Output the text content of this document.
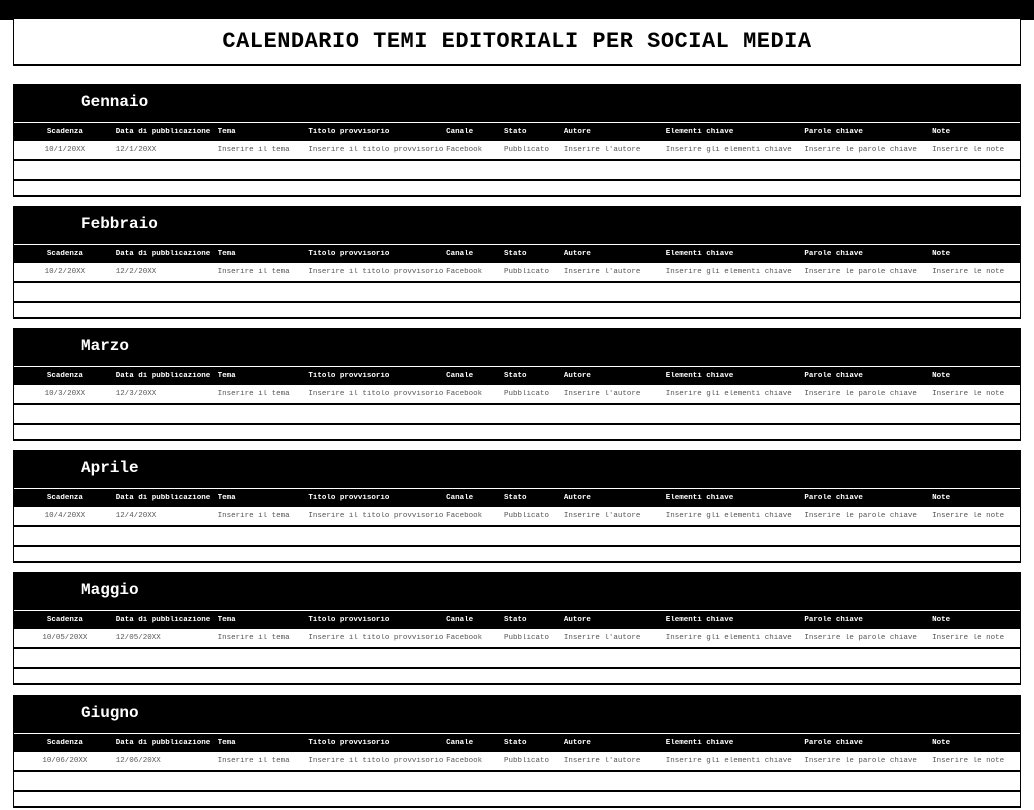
CALENDARIO TEMI EDITORIALI PER SOCIAL MEDIA
Gennaio
Scadenza	Data di pubblicazione Tema	Titolo provvisorio	Canale	Stato	Autore	Elementi chiave	Parole chiave	Note
10/1/20XX	12/1/20XX	Inserire il tema	Inserire il titolo provvisorio Facebook	Pubblicato	Inserire l'autore	Inserire gli elementi chiave	Inserire le parole chiave	Inserire le note
Febbraio
Scadenza	Data di pubblicazione Tema	Titolo provvisorio	Canale	Stato	Autore	Elementi chiave	Parole chiave	Note
10/2/20XX	12/2/20XX	Inserire il tema	Inserire il titolo provvisorio Facebook	Pubblicato	Inserire l'autore	Inserire gli elementi chiave	Inserire le parole chiave	Inserire le note
Marzo
Scadenza	Data di pubblicazione Tema	Titolo provvisorio	Canale	Stato	Autore	Elementi chiave	Parole chiave	Note
10/3/20XX	12/3/20XX	Inserire il tema	Inserire il titolo provvisorio Facebook	Pubblicato	Inserire l'autore	Inserire gli elementi chiave	Inserire le parole chiave	Inserire le note
Aprile
Scadenza	Data di pubblicazione Tema	Titolo provvisorio	Canale	Stato	Autore	Elementi chiave	Parole chiave	Note
10/4/20XX	12/4/20XX	Inserire il tema	Inserire il titolo provvisorio Facebook	Pubblicato	Inserire l'autore	Inserire gli elementi chiave	Inserire le parole chiave	Inserire le note
Maggio
Scadenza	Data di pubblicazione Tema	Titolo provvisorio	Canale	Stato	Autore	Elementi chiave	Parole chiave	Note
10/05/20XX	12/05/20XX	Inserire il tema	Inserire il titolo provvisorio Facebook	Pubblicato	Inserire l'autore	Inserire gli elementi chiave	Inserire le parole chiave	Inserire le note
Giugno
Scadenza	Data di pubblicazione Tema	Titolo provvisorio	Canale	Stato	Autore	Elementi chiave	Parole chiave	Note
10/06/20XX	12/06/20XX	Inserire il tema	Inserire il titolo provvisorio Facebook	Pubblicato	Inserire l'autore	Inserire gli elementi chiave	Inserire le parole chiave	Inserire le note
